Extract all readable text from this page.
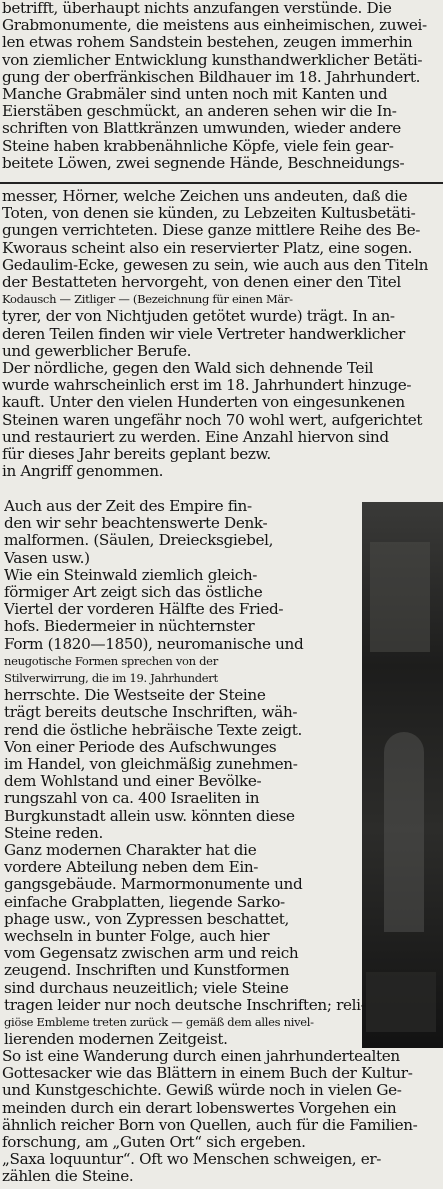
betrifft, überhaupt nichts anzufangen verstünde. Die
Grabmonumente, die meistens aus einheimischen, zuwei-
len etwas rohem Sandstein bestehen, zeugen immerhin
von ziemlicher Entwicklung kunsthandwerklicher Betäti-
gung der oberfränkischen Bildhauer im 18. Jahrhundert.
Manche Grabmäler sind unten noch mit Kanten und
Eierstäben geschmückt, an anderen sehen wir die In-
schriften von Blattkränzen umwunden, wieder andere
Steine haben krabbenähnliche Köpfe, viele fein gear-
beitete Löwen, zwei segnende Hände, Beschneidungs-
messer, Hörner, welche Zeichen uns andeuten, daß die
Toten, von denen sie künden, zu Lebzeiten Kultusbetäti-
gungen verrichteten. Diese ganze mittlere Reihe des Be-
Kworaus scheint also ein reservierter Platz, eine sogen.
Gedaulim-Ecke, gewesen zu sein, wie auch aus den Titeln
der Bestatteten hervorgeht, von denen einer den Titel
Kodausch — Zitliger — (Bezeichnung für einen Mär-
tyrer, der von Nichtjuden getötet wurde) trägt. In an-
deren Teilen finden wir viele Vertreter handwerklicher
und gewerblicher Berufe.
Der nördliche, gegen den Wald sich dehnende Teil
wurde wahrscheinlich erst im 18. Jahrhundert hinzuge-
kauft. Unter den vielen Hunderten von eingesunkenen
Steinen waren ungefähr noch 70 wohl wert, aufgerichtet
und restauriert zu werden. Eine Anzahl hiervon sind
für dieses Jahr bereits geplant bezw.
in Angriff genommen.
Auch aus der Zeit des Empire fin-
den wir sehr beachtenswerte Denk-
malformen. (Säulen, Dreiecksgiebel,
Vasen usw.)
Wie ein Steinwald ziemlich gleich-
förmiger Art zeigt sich das östliche
Viertel der vorderen Hälfte des Fried-
hofs. Biedermeier in nüchternster
Form (1820—1850), neuromanische und
neugotische Formen sprechen von der
Stilverwirrung, die im 19. Jahrhundert
herrschte. Die Westseite der Steine
trägt bereits deutsche Inschriften, wäh-
rend die östliche hebräische Texte zeigt.
Von einer Periode des Aufschwunges
im Handel, von gleichmäßig zunehmen-
dem Wohlstand und einer Bevölke-
rungszahl von ca. 400 Israeliten in
Burgkunstadt allein usw. könnten diese
Steine reden.
Ganz modernen Charakter hat die
vordere Abteilung neben dem Ein-
gangsgebäude. Marmormonumente und
einfache Grabplatten, liegende Sarko-
phage usw., von Zypressen beschattet,
wechseln in bunter Folge, auch hier
vom Gegensatz zwischen arm und reich
zeugend. Inschriften und Kunstformen
sind durchaus neuzeitlich; viele Steine
tragen leider nur noch deutsche Inschriften; reli-
giöse Embleme treten zurück — gemäß dem alles nivel-
lierenden modernen Zeitgeist.
So ist eine Wanderung durch einen jahrhundertealten
Gottesacker wie das Blättern in einem Buch der Kultur-
und Kunstgeschichte. Gewiß würde noch in vielen Ge-
meinden durch ein derart lobenswertes Vorgehen ein
ähnlich reicher Born von Quellen, auch für die Familien-
forschung, am „Guten Ort“ sich ergeben.
„Saxa loquuntur“. Oft wo Menschen schweigen, er-
zählen die Steine.
